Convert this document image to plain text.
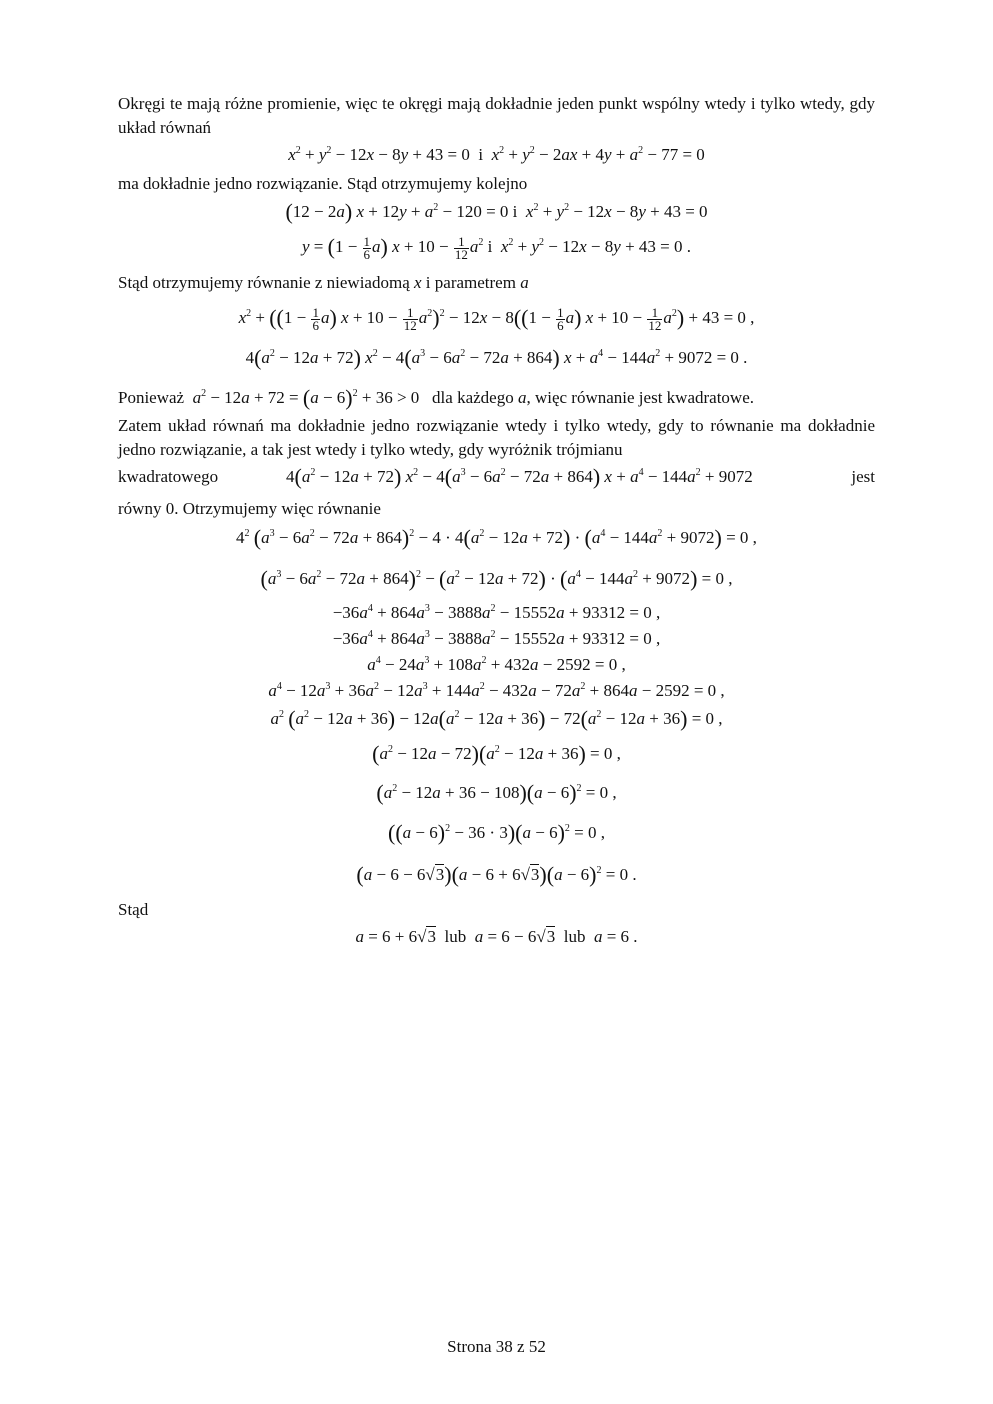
Okręgi te mają różne promienie, więc te okręgi mają dokładnie jeden punkt wspólny wtedy i tylko wtedy, gdy układ równań
$x^2 + y^2 - 12x - 8y + 43 = 0$  i  $x^2 + y^2 - 2ax + 4y + a^2 - 77 = 0$
ma dokładnie jedno rozwiązanie. Stąd otrzymujemy kolejno
(12 − 2a) $x + 12y + a^2 - 120 = 0$ i  $x^2 + y^2 - 12x - 8y + 43 = 0$
$y = (1 - \frac{1}{6} a)$ $x + 10 - \frac{1}{12} a^2$ i  $x^2 + y^2 - 12x - 8y + 43 = 0$ .
Stąd otrzymujemy równanie z niewiadomą x i parametrem a
$x^2 + ((1 - \frac{1}{6} a) x + 10 - \frac{1}{12} a^2)^2 - 12x - 8((1 - \frac{1}{6} a) x + 10 - \frac{1}{12} a^2) + 43 = 0$ ,
$4(a^2 - 12a + 72) x^2 - 4(a^3 - 6a^2 - 72a + 864) x + a^4 - 144a^2 + 9072 = 0$ .
Ponieważ $a^2 - 12a + 72 = (a - 6)^2 + 36 > 0$   dla każdego a, więc równanie jest kwadratowe.
Zatem układ równań ma dokładnie jedno rozwiązanie wtedy i tylko wtedy, gdy to równanie ma dokładnie jedno rozwiązanie, a tak jest wtedy i tylko wtedy, gdy wyróżnik trójmianu
kwadratowego	$4(a^2 - 12a + 72) x^2 - 4(a^3 - 6a^2 - 72a + 864) x + a^4 - 144a^2 + 9072$	jest
równy 0. Otrzymujemy więc równanie
$4^2$ $(a^3 - 6a^2 - 72a + 864)^2 - 4 \cdot 4(a^2 - 12a + 72) \cdot (a^4 - 144a^2 + 9072) = 0$ ,
$(a^3 - 6a^2 - 72a + 864)^2 - (a^2 - 12a + 72) \cdot (a^4 - 144a^2 + 9072) = 0$ ,
$-36a^4 + 864a^3 - 3888a^2 - 15552a + 93312 = 0$ ,
$-36a^4 + 864a^3 - 3888a^2 - 15552a + 93312 = 0$ ,
$a^4 - 24a^3 + 108a^2 + 432a - 2592 = 0$ ,
$a^4 - 12a^3 + 36a^2 - 12a^3 + 144a^2 - 432a - 72a^2 + 864a - 2592 = 0$ ,
$a^2$ $(a^2 - 12a + 36) - 12a(a^2 - 12a + 36) - 72(a^2 - 12a + 36) = 0$ ,
$(a^2 - 12a - 72)(a^2 - 12a + 36) = 0$ ,
$(a^2 - 12a + 36 - 108)(a - 6)^2 = 0$ ,
$((a - 6)^2 - 36 \cdot 3)(a - 6)^2 = 0$ ,
$(a - 6 - 6√3)(a - 6 + 6√3)(a - 6)^2 = 0$ .
Stąd
a = 6 + 6√3 lub a = 6 − 6√3 lub a = 6 .
Strona 38 z 52
